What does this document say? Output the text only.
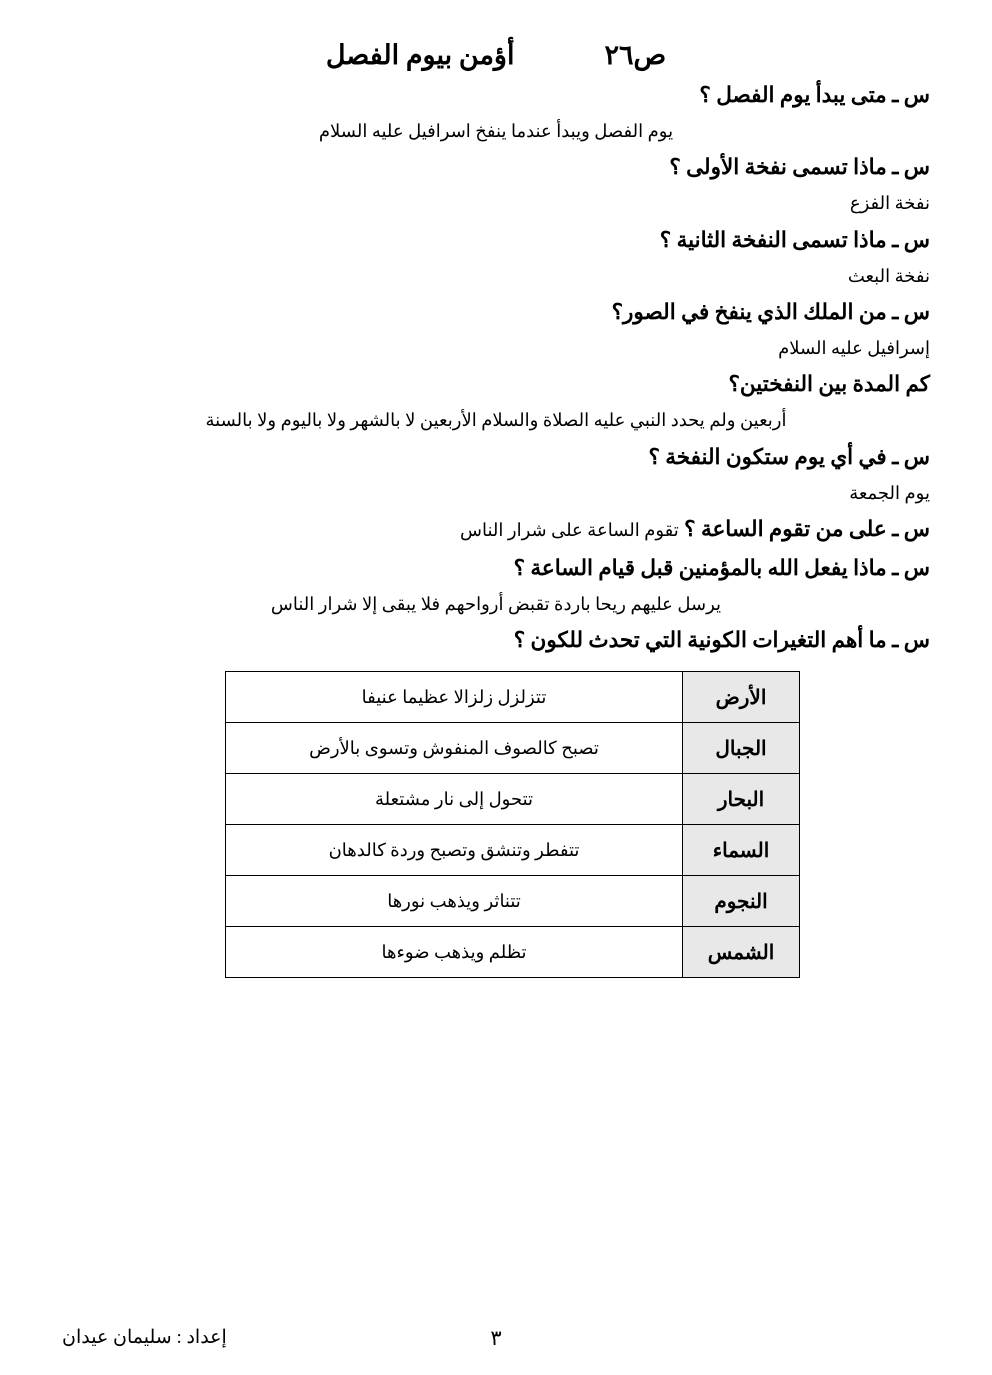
ص٢٦
أؤمن بيوم الفصل
س ـ متى يبدأ يوم الفصل ؟
يوم الفصل ويبدأ عندما ينفخ اسرافيل عليه السلام
س ـ ماذا تسمى نفخة الأولى ؟
نفخة الفزع
س ـ ماذا تسمى النفخة الثانية ؟
نفخة البعث
س ـ من الملك الذي ينفخ في الصور؟
إسرافيل عليه السلام
كم المدة بين النفختين؟
أربعين ولم يحدد النبي عليه الصلاة والسلام الأربعين لا بالشهر ولا باليوم ولا بالسنة
س ـ في أي يوم ستكون النفخة ؟
يوم الجمعة
س ـ على من تقوم الساعة ؟ تقوم الساعة على شرار الناس
س ـ ماذا يفعل الله بالمؤمنين قبل قيام الساعة ؟
يرسل عليهم ريحا باردة تقبض أرواحهم فلا يبقى إلا شرار الناس
س ـ ما أهم التغيرات الكونية التي تحدث للكون ؟
الأرض	تتزلزل زلزالا عظيما عنيفا
الجبال	تصبح كالصوف المنفوش وتسوى بالأرض
البحار	تتحول إلى نار مشتعلة
السماء	تتفطر وتنشق وتصبح وردة كالدهان
النجوم	تتناثر ويذهب نورها
الشمس	تظلم ويذهب ضوءها
٣
إعداد : سليمان عيدان
